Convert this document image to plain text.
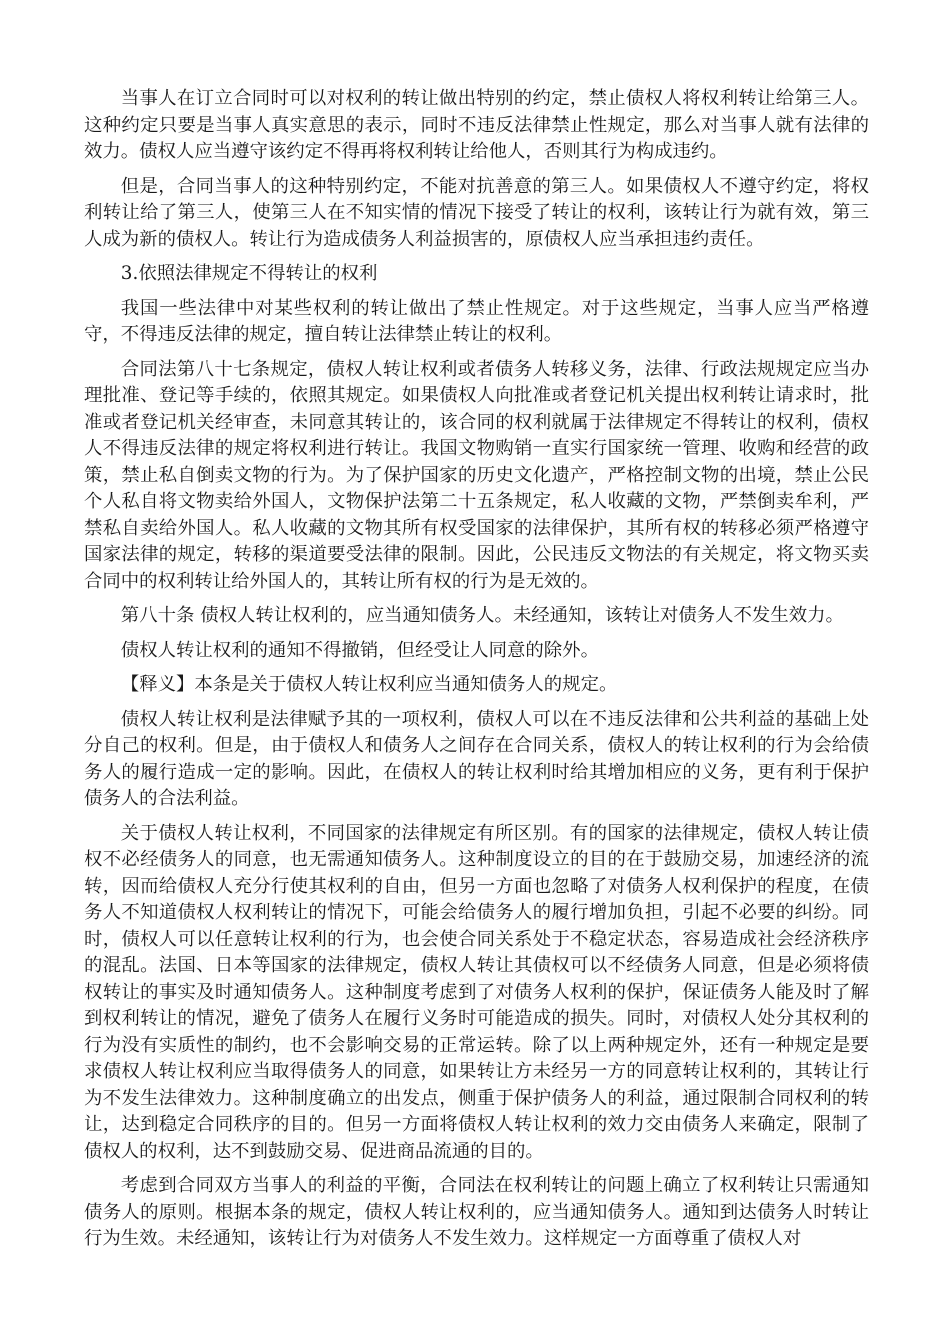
当事人在订立合同时可以对权利的转让做出特别的约定，禁止债权人将权利转让给第三人。这种约定只要是当事人真实意思的表示，同时不违反法律禁止性规定，那么对当事人就有法律的效力。债权人应当遵守该约定不得再将权利转让给他人，否则其行为构成违约。

但是，合同当事人的这种特别约定，不能对抗善意的第三人。如果债权人不遵守约定，将权利转让给了第三人，使第三人在不知实情的情况下接受了转让的权利，该转让行为就有效，第三人成为新的债权人。转让行为造成债务人利益损害的，原债权人应当承担违约责任。

3.依照法律规定不得转让的权利

我国一些法律中对某些权利的转让做出了禁止性规定。对于这些规定，当事人应当严格遵守，不得违反法律的规定，擅自转让法律禁止转让的权利。

合同法第八十七条规定，债权人转让权利或者债务人转移义务，法律、行政法规规定应当办理批准、登记等手续的，依照其规定。如果债权人向批准或者登记机关提出权利转让请求时，批准或者登记机关经审查，未同意其转让的，该合同的权利就属于法律规定不得转让的权利，债权人不得违反法律的规定将权利进行转让。我国文物购销一直实行国家统一管理、收购和经营的政策，禁止私自倒卖文物的行为。为了保护国家的历史文化遗产，严格控制文物的出境，禁止公民个人私自将文物卖给外国人，文物保护法第二十五条规定，私人收藏的文物，严禁倒卖牟利，严禁私自卖给外国人。私人收藏的文物其所有权受国家的法律保护，其所有权的转移必须严格遵守国家法律的规定，转移的渠道要受法律的限制。因此，公民违反文物法的有关规定，将文物买卖合同中的权利转让给外国人的，其转让所有权的行为是无效的。

第八十条 债权人转让权利的，应当通知债务人。未经通知，该转让对债务人不发生效力。

债权人转让权利的通知不得撤销，但经受让人同意的除外。

【释义】本条是关于债权人转让权利应当通知债务人的规定。

债权人转让权利是法律赋予其的一项权利，债权人可以在不违反法律和公共利益的基础上处分自己的权利。但是，由于债权人和债务人之间存在合同关系，债权人的转让权利的行为会给债务人的履行造成一定的影响。因此，在债权人的转让权利时给其增加相应的义务，更有利于保护债务人的合法利益。

关于债权人转让权利，不同国家的法律规定有所区别。有的国家的法律规定，债权人转让债权不必经债务人的同意，也无需通知债务人。这种制度设立的目的在于鼓励交易，加速经济的流转，因而给债权人充分行使其权利的自由，但另一方面也忽略了对债务人权利保护的程度，在债务人不知道债权人权利转让的情况下，可能会给债务人的履行增加负担，引起不必要的纠纷。同时，债权人可以任意转让权利的行为，也会使合同关系处于不稳定状态，容易造成社会经济秩序的混乱。法国、日本等国家的法律规定，债权人转让其债权可以不经债务人同意，但是必须将债权转让的事实及时通知债务人。这种制度考虑到了对债务人权利的保护，保证债务人能及时了解到权利转让的情况，避免了债务人在履行义务时可能造成的损失。同时，对债权人处分其权利的行为没有实质性的制约，也不会影响交易的正常运转。除了以上两种规定外，还有一种规定是要求债权人转让权利应当取得债务人的同意，如果转让方未经另一方的同意转让权利的，其转让行为不发生法律效力。这种制度确立的出发点，侧重于保护债务人的利益，通过限制合同权利的转让，达到稳定合同秩序的目的。但另一方面将债权人转让权利的效力交由债务人来确定，限制了债权人的权利，达不到鼓励交易、促进商品流通的目的。

考虑到合同双方当事人的利益的平衡，合同法在权利转让的问题上确立了权利转让只需通知债务人的原则。根据本条的规定，债权人转让权利的，应当通知债务人。通知到达债务人时转让行为生效。未经通知，该转让行为对债务人不发生效力。这样规定一方面尊重了债权人对
